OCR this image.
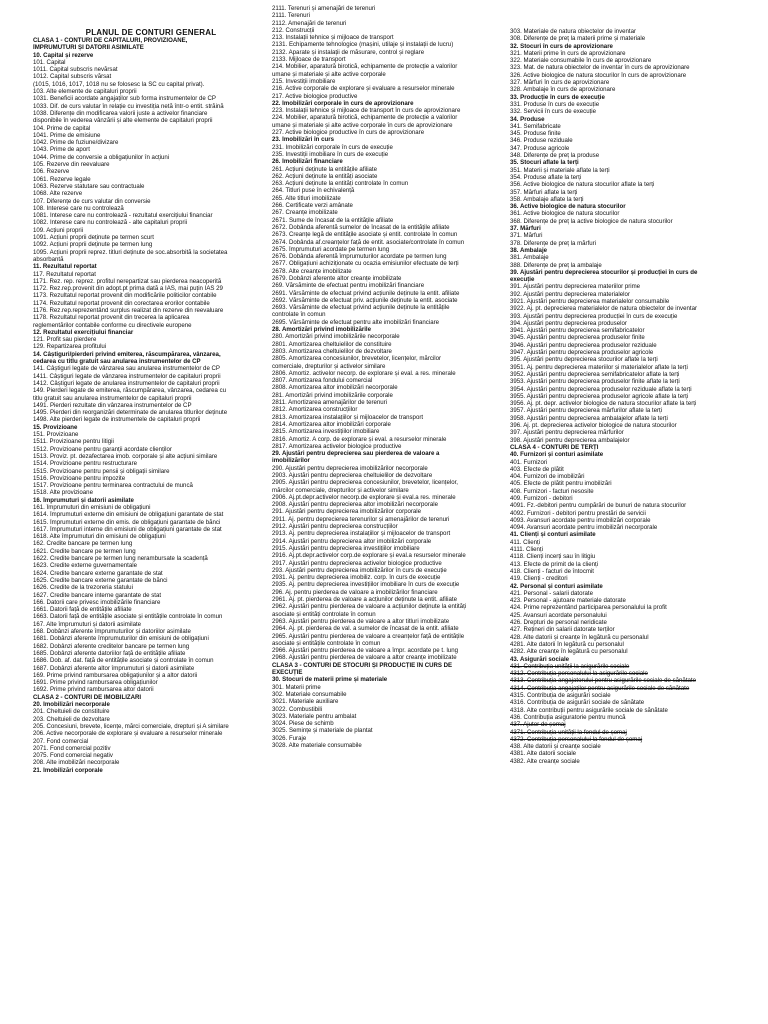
PLANUL DE CONTURI GENERAL
CLASA 1 - CONTURI DE CAPITALURI, PROVIZIOANE,
ÎMPRUMUTURI ȘI DATORII ASIMILATE
10. Capital și rezerve
101. Capital
1011. Capital subscris nevărsat
1012. Capital subscris vărsat
(1015, 1016, 1017, 1018 nu se folosesc la SC cu capital privat).
103. Alte elemente de capitaluri proprii
1031. Beneficii acordate angajaților sub forma instrumentelor de CP
1033. Dif. de curs valutar în relație cu investiția netă într-o entit. străină
1038. Diferențe din modificarea valorii juste a activelor financiare
disponibile în vederea vânzării și alte elemente de capitaluri proprii
104. Prime de capital
1041. Prime de emisiune
1042. Prime de fuziune/divizare
1043. Prime de aport
1044. Prime de conversie a obligațiunilor în acțiuni
105. Rezerve din reevaluare
106. Rezerve
1061. Rezerve legale
1063. Rezerve statutare sau contractuale
1068. Alte rezerve
107. Diferențe de curs valutar din conversie
108. Interese care nu controlează
1081. Interese care nu controlează - rezultatul exercițiului financiar
1082. Interese care nu controlează - alte capitaluri proprii
109. Acțiuni proprii
1091. Acțiuni proprii deținute pe termen scurt
1092. Acțiuni proprii deținute pe termen lung
1095. Acțiuni proprii reprez. titluri deținute de soc.absorbită la societatea
absorbantă
11. Rezultatul reportat
117. Rezultatul reportat
1171. Rez. rep. reprez. profitul nerepartizat sau pierderea neacoperită
1172. Rez.rep.provenit din adopt.pt prima dată a IAS, mai puțin IAS 29
1173. Rezultatul reportat provenit din modificările politicilor contabile
1174. Rezultatul reportat provenit din corectarea erorilor contabile
1176. Rez.rep.reprezentând surplus realizat din rezerve din reevaluare
1178. Rezultatul reportat provenit din trecerea la aplicarea
reglementărilor contabile conforme cu directivele europene
12. Rezultatul exercițiului financiar
121. Profit sau pierdere
129. Repartizarea profitului
14. Câștiguri/pierderi privind emiterea, răscumpărarea, vânzarea,
cedarea cu titlu gratuit sau anularea instrumentelor de CP
141. Câștiguri legate de vânzarea sau anularea instrumentelor de CP
1411. Câștiguri legate de vânzarea instrumentelor de capitaluri proprii
1412. Câștiguri legate de anularea instrumentelor de capitaluri proprii
149. Pierderi legate de emiterea, răscumpărarea, vânzarea, cedarea cu
titlu gratuit sau anularea instrumentelor de capitaluri proprii
1491. Pierderi rezultate din vânzarea instrumentelor de CP
1495. Pierderi din reorganizări determinate de anularea titlurilor deținute
1498. Alte pierderi legate de instrumentele de capitaluri proprii
15. Provizioane
151. Provizioane
1511. Provizioane pentru litigii
1512. Provizioane pentru garanții acordate clienților
1513. Proviz. pt. dezafectarea imob. corporale și alte acțiuni similare
1514. Provizioane pentru restructurare
1515. Provizioane pentru pensii și obligații similare
1516. Provizioane pentru impozite
1517. Provizioane pentru terminarea contractului de muncă
1518. Alte provizioane
16. Împrumuturi și datorii asimilate
161. Împrumuturi din emisiuni de obligațiuni
1614. Împrumuturi externe din emisiuni de obligațiuni garantate de stat
1615. Împrumuturi externe din emis. de obligațiuni garantate de bănci
1617. Împrumuturi interne din emisiuni de obligațiuni garantate de stat
1618. Alte împrumuturi din emisiuni de obligațiuni
162. Credite bancare pe termen lung
1621. Credite bancare pe termen lung
1622. Credite bancare pe termen lung nerambursate la scadență
1623. Credite externe guvernamentale
1624. Credite bancare externe garantate de stat
1625. Credite bancare externe garantate de bănci
1626. Credite de la trezoreria statului
1627. Credite bancare interne garantate de stat
166. Datorii care privesc imobilizările financiare
1661. Datorii față de entitățile afiliate
1663. Datorii față de entitățile asociate și entitățile controlate în comun
167. Alte împrumuturi și datorii asimilate
168. Dobânzi aferente împrumuturilor și datoriilor asimilate
1681. Dobânzi aferente împrumuturilor din emisiuni de obligațiuni
1682. Dobânzi aferente creditelor bancare pe termen lung
1685. Dobânzi aferente datoriilor față de entitățile afiliate
1686. Dob. af. dat. față de entitățile asociate și controlate în comun
1687. Dobânzi aferente altor împrumuturi și datorii asimilate
169. Prime privind rambursarea obligațiunilor și a altor datorii
1691. Prime privind rambursarea obligațiunilor
1692. Prime privind rambursarea altor datorii
CLASA 2 - CONTURI DE IMOBILIZĂRI
20. Imobilizări necorporale
201. Cheltuieli de constituire
203. Cheltuieli de dezvoltare
205. Concesiuni, brevete, licențe, mărci comerciale, drepturi și A similare
206. Active necorporale de explorare și evaluare a resurselor minerale
207. Fond comercial
2071. Fond comercial pozitiv
2075. Fond comercial negativ
208. Alte imobilizări necorporale
21. Imobilizări corporale
2111. Terenuri și amenajări de terenuri
2111. Terenuri
2112. Amenajări de terenuri
212. Construcții
213. Instalații tehnice și mijloace de transport
2131. Echipamente tehnologice (mașini, utilaje și instalații de lucru)
2132. Aparate și instalații de măsurare, control și reglare
2133. Mijloace de transport
214. Mobilier, aparatură birotică, echipamente de protecție a valorilor
umane și materiale și alte active corporale
215. Investiții imobiliare
216. Active corporale de explorare și evaluare a resurselor minerale
217. Active biologice productive
22. Imobilizări corporale în curs de aprovizionare
223. Instalații tehnice și mijloace de transport în curs de aprovizionare
224. Mobilier, aparatură birotică, echipamente de protecție a valorilor
umane și materiale și alte active corporale în curs de aprovizionare
227. Active biologice productive în curs de aprovizionare
23. Imobilizări în curs
231. Imobilizări corporale în curs de execuție
235. Investiții imobiliare în curs de execuție
26. Imobilizări financiare
261. Acțiuni deținute la entitățile afiliate
262. Acțiuni deținute la entități asociate
263. Acțiuni deținute la entități controlate în comun
264. Titluri puse în echivalență
265. Alte titluri imobilizate
266. Certificate verzi amânate
267. Creanțe imobilizate
2671. Sume de încasat de la entitățile afiliate
2672. Dobânda aferentă sumelor de încasat de la entitățile afiliate
2673. Creanțe legă de entitățile asociate și entit. controlate în comun
2674. Dobânda af.creanțelor față de entit. asociate/controlate în comun
2675. Împrumuturi acordate pe termen lung
2676. Dobânda aferentă împrumuturilor acordate pe termen lung
2677. Obligațiuni achiziționate cu ocazia emisiunilor efectuate de terți
2678. Alte creanțe imobilizate
2679. Dobânzi aferente altor creanțe imobilizate
269. Vărsăminte de efectuat pentru imobilizări financiare
2691. Vărsăminte de efectuat privind acțiunile deținute la entit. afiliate
2692. Vărsăminte de efectuat priv. acțiunile deținute la entit. asociate
2693. Vărsăminte de efectuat privind acțiunile deținute la entitățile
controlate în comun
2695. Vărsăminte de efectuat pentru alte imobilizări financiare
28. Amortizări privind imobilizările
280. Amortizări privind imobilizările necorporale
2801. Amortizarea cheltuielilor de constituire
2803. Amortizarea cheltuielilor de dezvoltare
2805. Amortizarea concesiunilor, brevetelor, licențelor, mărcilor
comerciale, drepturilor și activelor similare
2806. Amortiz. activelor necorp. de explorare și eval. a res. minerale
2807. Amortizarea fondului comercial
2808. Amortizarea altor imobilizări necorporale
281. Amortizări privind imobilizările corporale
2811. Amortizarea amenajărilor de terenuri
2812. Amortizarea construcțiilor
2813. Amortizarea instalațiilor și mijloacelor de transport
2814. Amortizarea altor imobilizări corporale
2815. Amortizarea investițiilor imobiliare
2816. Amortiz. A corp. de explorare și eval. a resurselor minerale
2817. Amortizarea activelor biologice productive
29. Ajustări pentru deprecierea sau pierderea de valoare a
imobilizărilor
290. Ajustări pentru deprecierea imobilizărilor necorporale
2903. Ajustări pentru deprecierea cheltuielilor de dezvoltare
2905. Ajustări pentru deprecierea concesiunilor, brevetelor, licențelor,
mărcilor comerciale, drepturilor și activelor similare
2906. Aj.pt.depr.activelor necorp.de explorare și eval.a res. minerale
2908. Ajustări pentru deprecierea altor imobilizări necorporale
291. Ajustări pentru deprecierea imobilizărilor corporale
2911. Aj. pentru deprecierea terenurilor și amenajărilor de terenuri
2912. Ajustări pentru deprecierea construcțiilor
2913. Aj. pentru deprecierea instalațiilor și mijloacelor de transport
2914. Ajustări pentru deprecierea altor imobilizări corporale
2915. Ajustări pentru deprecierea investițiilor imobiliare
2916. Aj.pt.depr.activelor corp.de explorare și eval.a resurselor minerale
2917. Ajustări pentru deprecierea activelor biologice productive
293. Ajustări pentru deprecierea imobilizărilor în curs de execuție
2931. Aj. pentru deprecierea imobiliz. corp. în curs de execuție
2935. Aj. pentru deprecierea investițiilor imobiliare în curs de execuție
296. Aj. pentru pierderea de valoare a imobilizărilor financiare
2961. Aj. pt. pierderea de valoare a acțiunilor deținute la entit. afiliate
2962. Ajustări pentru pierderea de valoare a acțiunilor deținute la entități
asociate și entități controlate în comun
2963. Ajustări pentru pierderea de valoare a altor titluri imobilizate
2964. Aj. pt. pierderea de val. a sumelor de încasat de la entit. afiliate
2965. Ajustări pentru pierderea de valoare a creanțelor față de entitățile
asociate și entitățile controlate în comun
2966. Ajustări pentru pierderea de valoare a împr. acordate pe t. lung
2968. Ajustări pentru pierderea de valoare a altor creanțe imobilizate
CLASA 3 - CONTURI DE STOCURI ȘI PRODUCȚIE ÎN CURS DE
EXECUȚIE
30. Stocuri de materii prime și materiale
301. Materii prime
302. Materiale consumabile
3021. Materiale auxiliare
3022. Combustibili
3023. Materiale pentru ambalat
3024. Piese de schimb
3025. Semințe și materiale de plantat
3026. Furaje
3028. Alte materiale consumabile
303. Materiale de natura obiectelor de inventar
308. Diferențe de preț la materii prime și materiale
32. Stocuri în curs de aprovizionare
321. Materii prime în curs de aprovizionare
322. Materiale consumabile în curs de aprovizionare
323. Mat. de natura obiectelor de inventar în curs de aprovizionare
326. Active biologice de natura stocurilor în curs de aprovizionare
327. Mărfuri în curs de aprovizionare
328. Ambalaje în curs de aprovizionare
33. Producție în curs de execuție
331. Produse în curs de execuție
332. Servicii în curs de execuție
34. Produse
341. Semifabricate
345. Produse finite
346. Produse reziduale
347. Produse agricole
348. Diferențe de preț la produse
35. Stocuri aflate la terți
351. Materii și materiale aflate la terți
354. Produse aflate la terți
356. Active biologice de natura stocurilor aflate la terți
357. Mărfuri aflate la terți
358. Ambalaje aflate la terți
36. Active biologice de natura stocurilor
361. Active biologice de natura stocurilor
368. Diferențe de preț la active biologice de natura stocurilor
37. Mărfuri
371. Mărfuri
378. Diferențe de preț la mărfuri
38. Ambalaje
381. Ambalaje
388. Diferențe de preț la ambalaje
39. Ajustări pentru deprecierea stocurilor și producției în curs de
execuție
391. Ajustări pentru deprecierea materiilor prime
392. Ajustări pentru deprecierea materialelor
3921. Ajustări pentru deprecierea materialelor consumabile
3922. Aj. pt. deprecierea materialelor de natura obiectelor de inventar
393. Ajustări pentru deprecierea producției în curs de execuție
394. Ajustări pentru deprecierea produselor
3941. Ajustări pentru deprecierea semifabricatelor
3945. Ajustări pentru deprecierea produselor finite
3946. Ajustări pentru deprecierea produselor reziduale
3947. Ajustări pentru deprecierea produselor agricole
395. Ajustări pentru deprecierea stocurilor aflate la terți
3951. Aj. pentru deprecierea materiilor și materialelor aflate la terți
3952. Ajustări pentru deprecierea semifabricatelor aflate la terți
3953. Ajustări pentru deprecierea produselor finite aflate la terți
3954. Ajustări pentru deprecierea produselor reziduale aflate la terți
3955. Ajustări pentru deprecierea produselor agricole aflate la terți
3956. Aj. pt. depr. activelor biologice de natura stocurilor aflate la terți
3957. Ajustări pentru deprecierea mărfurilor aflate la terți
3958. Ajustări pentru deprecierea ambalajelor aflate la terți
396. Aj. pt. deprecierea activelor biologice de natura stocurilor
397. Ajustări pentru deprecierea mărfurilor
398. Ajustări pentru deprecierea ambalajelor
CLASA 4 - CONTURI DE TERȚI
40. Furnizori și conturi asimilate
401. Furnizori
403. Efecte de plătit
404. Furnizori de imobilizări
405. Efecte de plătit pentru imobilizări
408. Furnizori - facturi nesosite
409. Furnizori - debitori
4091. Fz.-debitori pentru cumpărări de bunuri de natura stocurilor
4092. Furnizori - debitori pentru prestări de servicii
4093. Avansuri acordate pentru imobilizări corporale
4094. Avansuri acordate pentru imobilizări necorporale
41. Clienți și conturi asimilate
411. Clienți
4111. Clienți
4118. Clienți incerți sau în litigiu
413. Efecte de primit de la clienți
418. Clienți - facturi de întocmit
419. Clienți - creditori
42. Personal și conturi asimilate
421. Personal - salarii datorate
423. Personal - ajutoare materiale datorate
424. Prime reprezentând participarea personalului la profit
425. Avansuri acordate personalului
426. Drepturi de personal neridicate
427. Rețineri din salarii datorate terților
428. Alte datorii și creanțe în legătură cu personalul
4281. Alte datorii în legătură cu personalul
4282. Alte creanțe în legătură cu personalul
43. Asigurări sociale
431. Contribuția unității la asigurările sociale
4312. Contribuția personalului la asigurările sociale
4313. Contribuția angajatorului pentru asigurările sociale de sănătate
4314. Contribuția angajaților pentru asigurările sociale de sănătate
4315. Contribuția de asigurări sociale
4316. Contribuția de asigurări sociale de sănătate
4318. Alte contribuții pentru asigurările sociale de sănătate
436. Contribuția asiguratorie pentru muncă
437. Ajutor de șomaj
4371. Contribuția unității la fondul de șomaj
4372. Contribuția personalului la fondul de șomaj
438. Alte datorii și creanțe sociale
4381. Alte datorii sociale
4382. Alte creanțe sociale
